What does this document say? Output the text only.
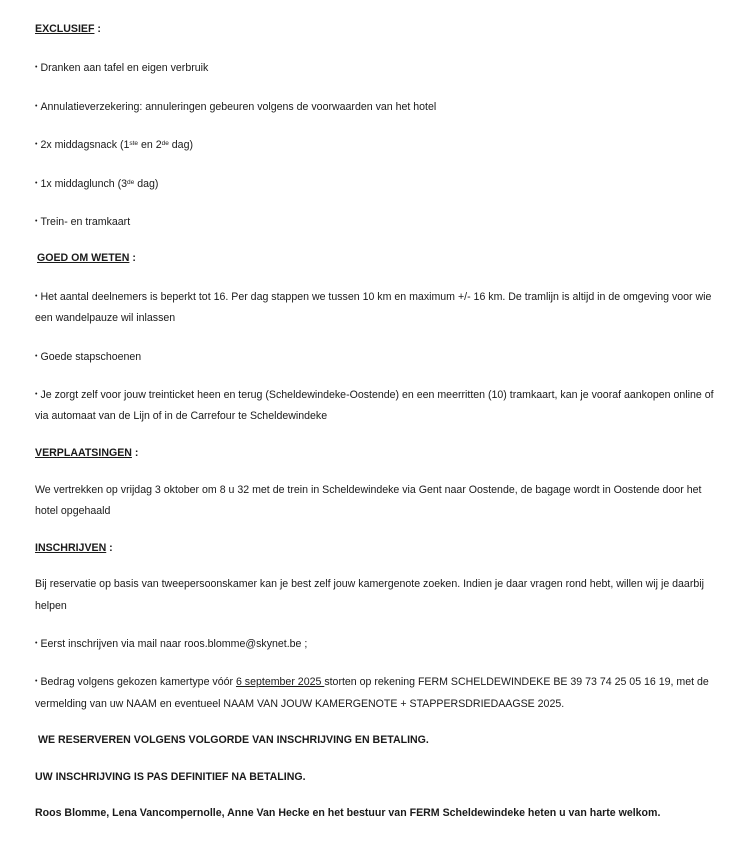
EXCLUSIEF :
• Dranken aan tafel en eigen verbruik
• Annulatieverzekering: annuleringen gebeuren volgens de voorwaarden van het hotel
• 2x middagsnack (1ste en 2de dag)
• 1x middaglunch (3de dag)
• Trein- en tramkaart
GOED OM WETEN :
• Het aantal deelnemers is beperkt tot 16. Per dag stappen we tussen 10 km en maximum +/- 16 km. De tramlijn is altijd in de omgeving voor wie
een wandelpauze wil inlassen
• Goede stapschoenen
• Je zorgt zelf voor jouw treinticket heen en terug (Scheldewindeke-Oostende) en een meerritten (10) tramkaart, kan je vooraf aankopen online of
via automaat van de Lijn of in de Carrefour te Scheldewindeke
VERPLAATSINGEN :
We vertrekken op vrijdag 3 oktober om 8 u 32 met de trein in Scheldewindeke via Gent naar Oostende, de bagage wordt in Oostende door het
hotel opgehaald
INSCHRIJVEN :
Bij reservatie op basis van tweepersoonskamer kan je best zelf jouw kamergenote zoeken. Indien je daar vragen rond hebt, willen wij je daarbij
helpen
• Eerst inschrijven via mail naar roos.blomme@skynet.be ;
• Bedrag volgens gekozen kamertype vóór 6 september 2025 storten op rekening FERM SCHELDEWINDEKE BE 39 73 74 25 05 16 19, met de
vermelding van uw NAAM en eventueel NAAM VAN JOUW KAMERGENOTE + STAPPERSDRIEDAAGSE 2025.
WE RESERVEREN VOLGENS VOLGORDE VAN INSCHRIJVING EN BETALING.
UW INSCHRIJVING IS PAS DEFINITIEF NA BETALING.
Roos Blomme, Lena Vancompernolle, Anne Van Hecke en het bestuur van FERM Scheldewindeke heten u van harte welkom.
